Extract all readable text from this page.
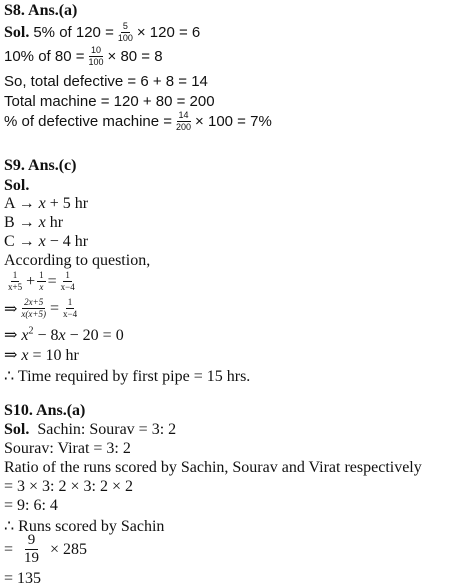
S8. Ans.(a)
Sol. 5% of $120 = \frac{5}{100} \times 120 = 6$
10% of $80 = \frac{10}{100} \times 80 = 8$
So, total defective = 6 + 8 = 14
Total machine = 120 + 80 = 200
% of defective machine = $\frac{14}{200} \times 100 = 7\%$
S9. Ans.(c)
Sol.
A → x + 5 hr
B → x hr
C → x − 4 hr
According to question,
$\frac{1}{x+5} + \frac{1}{x} = \frac{1}{x-4}$
⇒ $\frac{2x+5}{x(x+5)} = \frac{1}{x-4}$
⇒ $x^2 - 8x - 20 = 0$
⇒ x = 10 hr
∴ Time required by first pipe = 15 hrs.
S10. Ans.(a)
Sol. Sachin: Sourav = 3: 2
Sourav: Virat = 3: 2
Ratio of the runs scored by Sachin, Sourav and Virat respectively
= 3 × 3: 2 × 3: 2 × 2
= 9: 6: 4
∴ Runs scored by Sachin
= $\frac{9}{19} \times 285$
= 135
